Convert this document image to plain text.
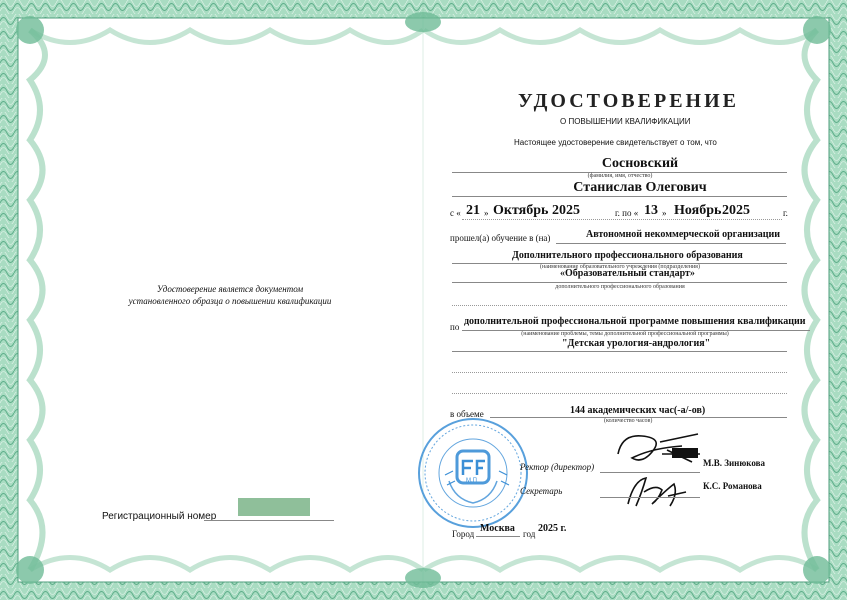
Удостоверение является документом
установленного образца о повышении квалификации
Регистрационный номер
УДОСТОВЕРЕНИЕ
О ПОВЫШЕНИИ КВАЛИФИКАЦИИ
Настоящее удостоверение свидетельствует о том, что
Сосновский
(фамилия, имя, отчество)
Станислав Олегович
с « 21 » Октябрь 2025	г. по « 13 » Ноябрь 2025	г.
прошел(а) обучение в (на)	Автономной некоммерческой организации
Дополнительного профессионального образования
(наименование образовательного учреждения (подразделения)
«Образовательный стандарт»
дополнительного профессионального образования
по дополнительной профессиональной программе повышения квалификации
(наименование проблемы, темы дополнительной профессиональной программы)
"Детская урология-андрология"
в объеме	144 академических час(-а/-ов)
(количество часов)
М.П
Ректор (директор)	М.В. Зинюкова
Секретарь	К.С. Романова
Город Москва год 2025 г.
